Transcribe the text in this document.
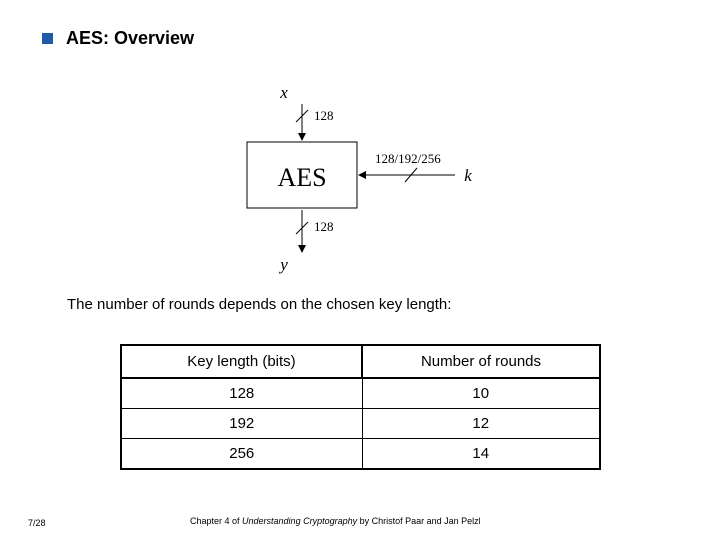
AES: Overview
x
128
AES
128/192/256
k
128
y
The number of rounds depends on the chosen key length:
Key length (bits)	Number of rounds
128	10
192	12
256	14
7/28	Chapter 4 of Understanding Cryptography by Christof Paar and Jan Pelzl
